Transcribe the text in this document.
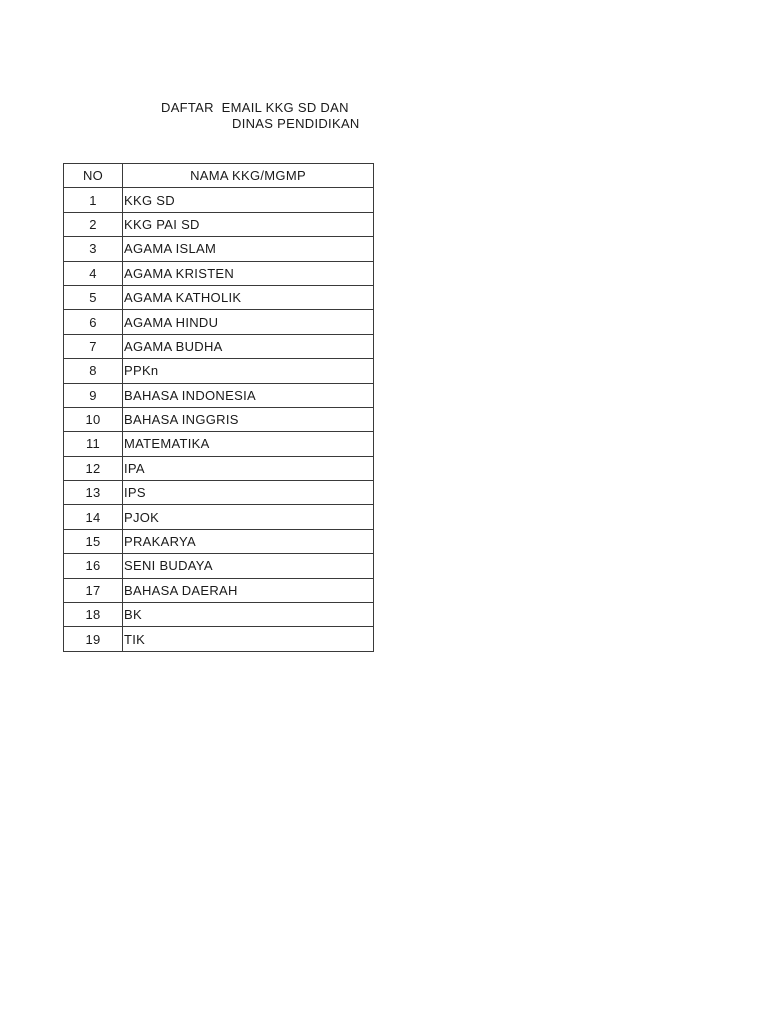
DAFTAR  EMAIL KKG SD DAN
DINAS PENDIDIKAN
NO	NAMA KKG/MGMP
1	KKG SD
2	KKG PAI SD
3	AGAMA ISLAM
4	AGAMA KRISTEN
5	AGAMA KATHOLIK
6	AGAMA HINDU
7	AGAMA BUDHA
8	PPKn
9	BAHASA INDONESIA
10	BAHASA INGGRIS
11	MATEMATIKA
12	IPA
13	IPS
14	PJOK
15	PRAKARYA
16	SENI BUDAYA
17	BAHASA DAERAH
18	BK
19	TIK
